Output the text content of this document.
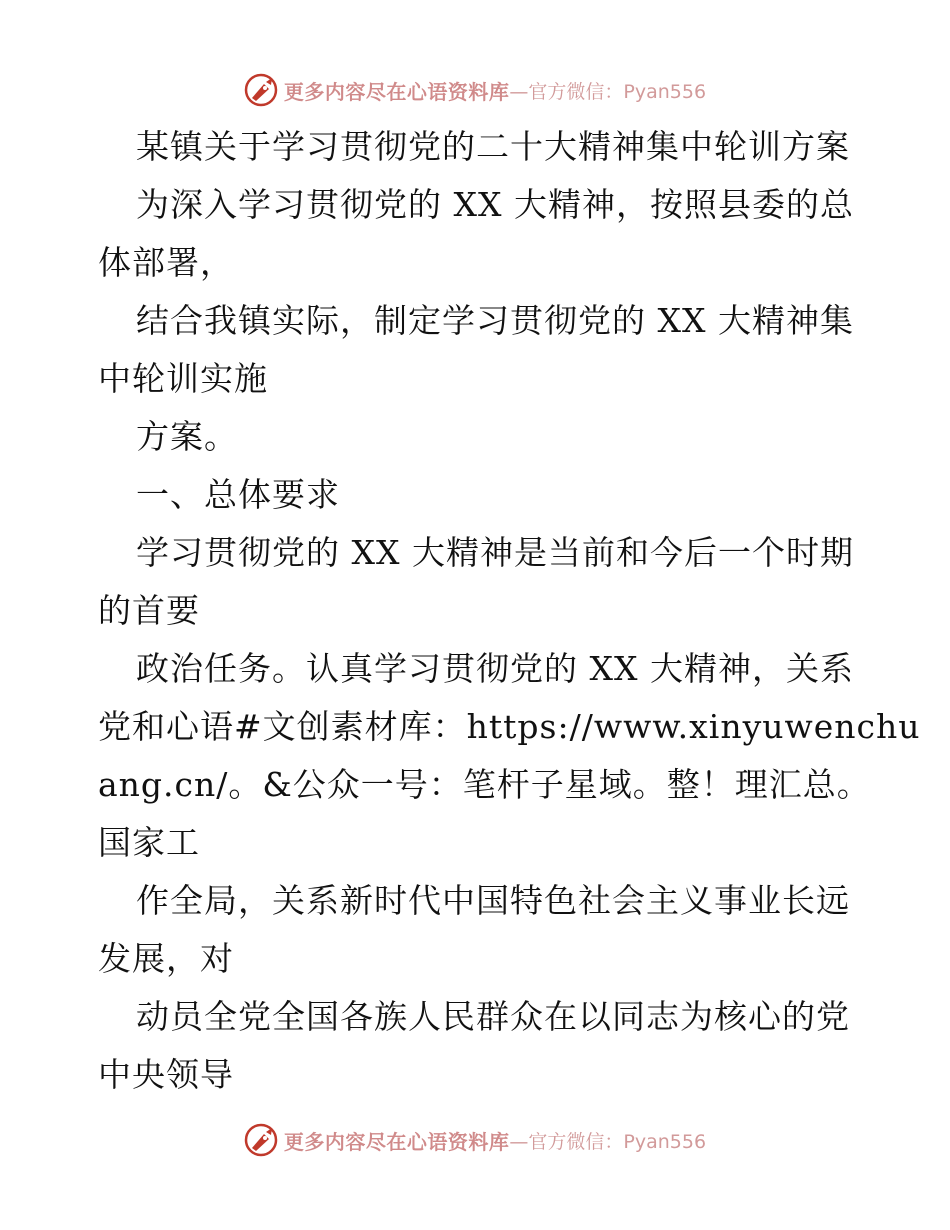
更多内容尽在心语资料库 —官方微信：Pyan556
某镇关于学习贯彻党的二十大精神集中轮训方案
为深入学习贯彻党的 XX 大精神，按照县委的总
体部署，
结合我镇实际，制定学习贯彻党的 XX 大精神集
中轮训实施
方案。
一、总体要求
学习贯彻党的 XX 大精神是当前和今后一个时期
的首要
政治任务。认真学习贯彻党的 XX 大精神，关系
党和心语#文创素材库：https://www.xinyuwenchu
ang.cn/。&公众一号：笔杆子星域。整！理汇总。
国家工
作全局，关系新时代中国特色社会主义事业长远
发展，对
动员全党全国各族人民群众在以同志为核心的党
中央领导
更多内容尽在心语资料库 —官方微信：Pyan556
